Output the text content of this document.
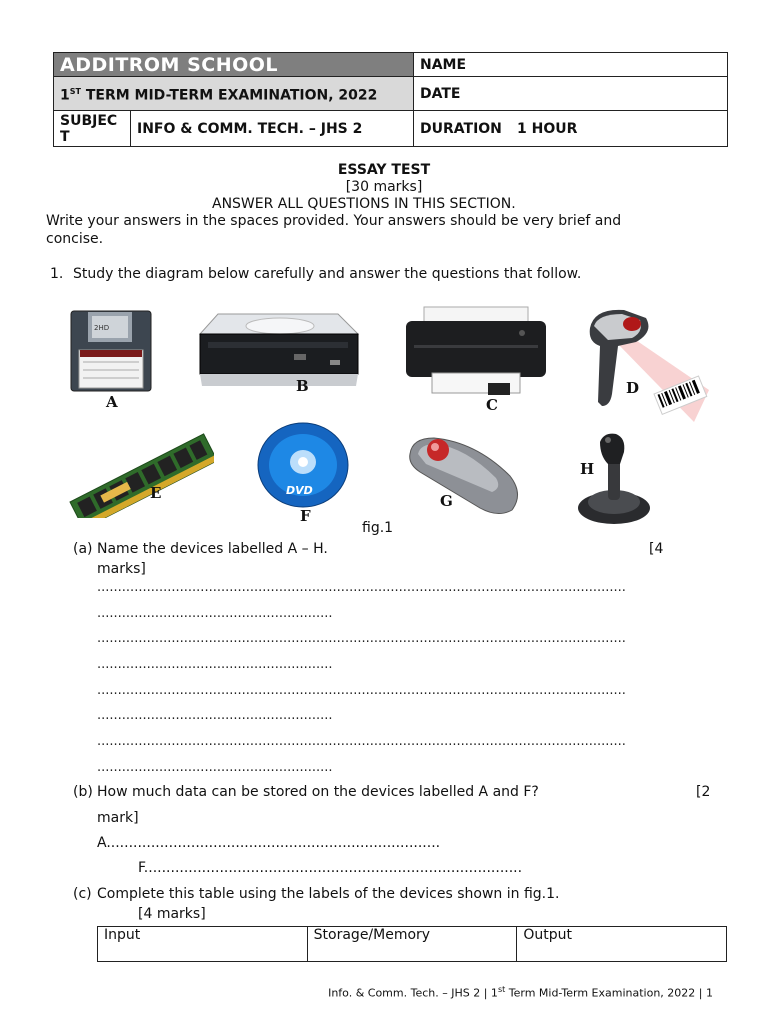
ADDITROM SCHOOL		NAME	
1ST TERM MID-TERM EXAMINATION, 2022		DATE	
SUBJECT	INFO & COMM. TECH. – JHS 2	DURATION	1 HOUR
ESSAY TEST
[30 marks]
ANSWER ALL QUESTIONS IN THIS SECTION.
Write your answers in the spaces provided. Your answers should be very brief and
concise.
1. Study the diagram below carefully and answer the questions that follow.
2HD
A
B
C
D
E	DVD
F
G
H
fig.1
(a) Name the devices labelled A – H.	[4
marks]
................................................................................................................................
.........................................................
................................................................................................................................
.........................................................
................................................................................................................................
.........................................................
................................................................................................................................
.........................................................
(b) How much data can be stored on the devices labelled A and F?	[2
mark]
A...........................................................................
F.....................................................................................
(c) Complete this table using the labels of the devices shown in fig.1.
[4 marks]
Input	Storage/Memory	Output
Info. & Comm. Tech. – JHS 2 | 1st Term Mid-Term Examination, 2022 | 1
